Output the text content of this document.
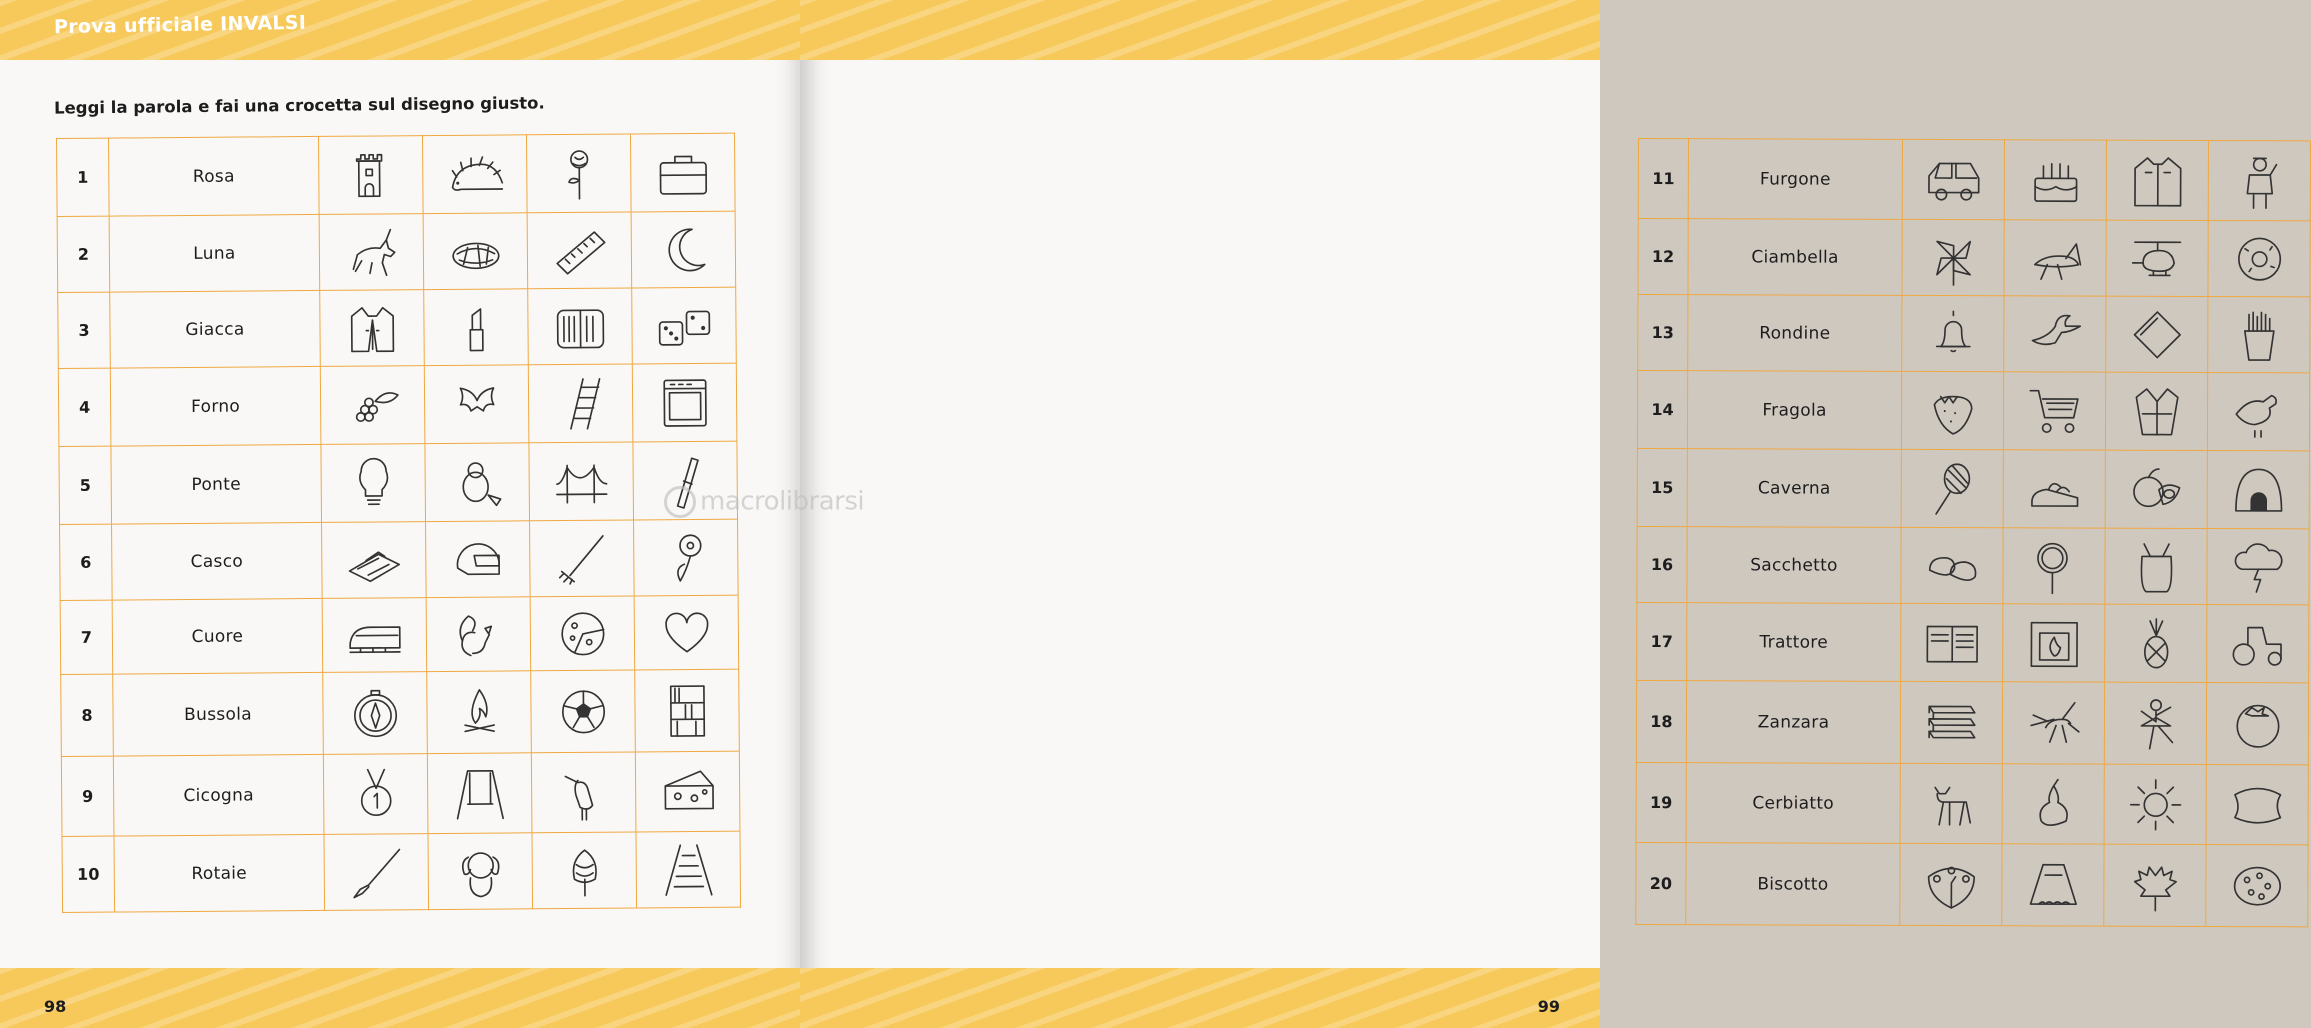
Prova ufficiale INVALSI
Leggi la parola e fai una crocetta sul disegno giusto.
1	Rosa	

2	Luna	

3	Giacca	

4	Forno	

5	Ponte	

6	Casco	

7	Cuore	

8	Bussola	

9	Cicogna	

10	Rotaie	

98
11	Furgone	

12	Ciambella	

13	Rondine	

14	Fragola	

15	Caverna	

16	Sacchetto	

17	Trattore	

18	Zanzara	

19	Cerbiatto	

20	Biscotto	

99
macrolibrarsi
